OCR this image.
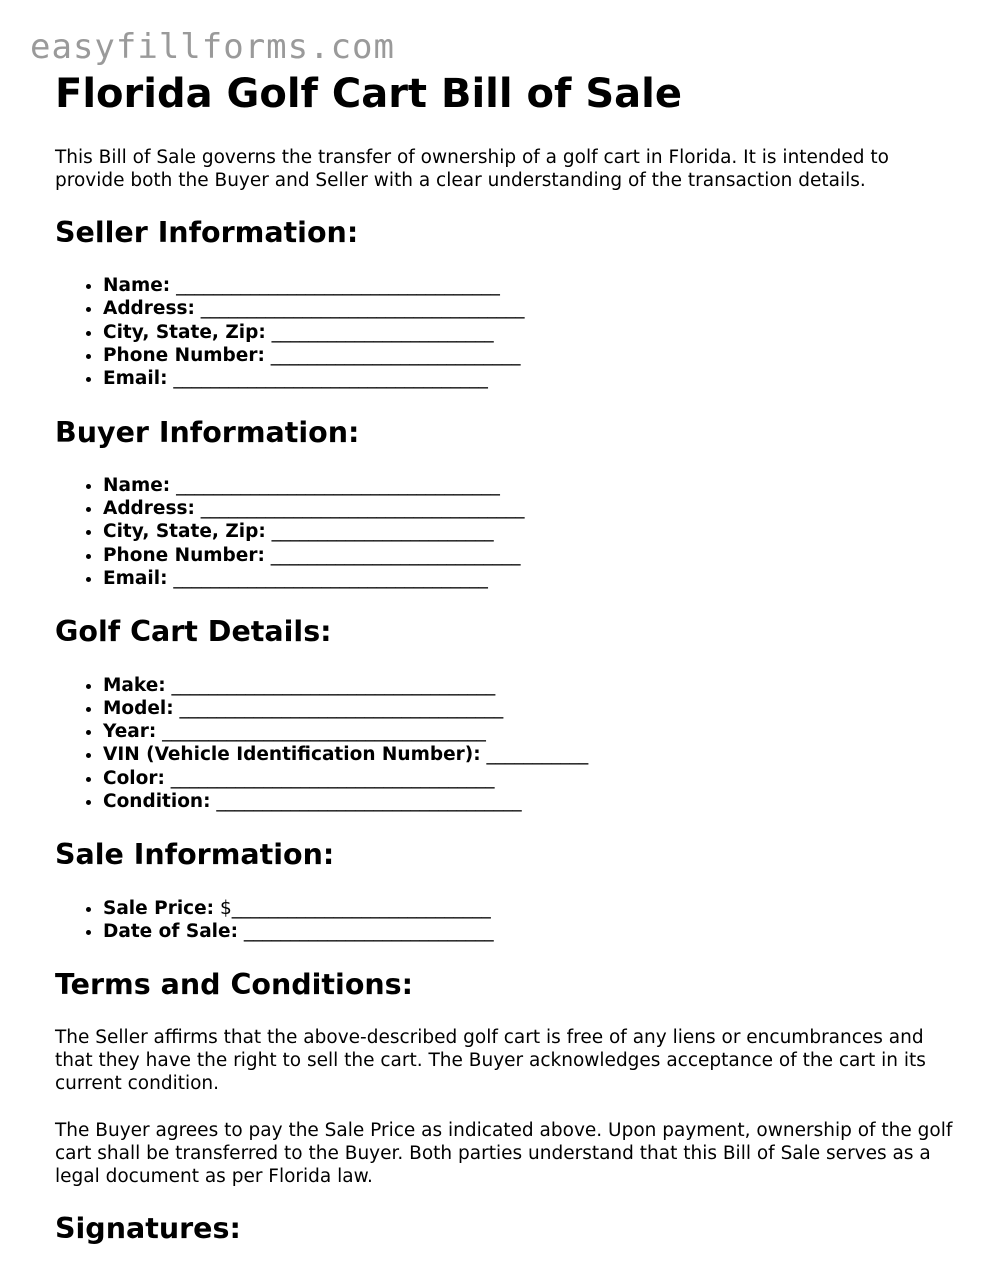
easyfillforms.com
Florida Golf Cart Bill of Sale

This Bill of Sale governs the transfer of ownership of a golf cart in Florida. It is intended to provide both the Buyer and Seller with a clear understanding of the transaction details.

Seller Information:
• Name: ___________________________________
• Address: ___________________________________
• City, State, Zip: ________________________
• Phone Number: ___________________________
• Email: __________________________________
Buyer Information:
• Name: ___________________________________
• Address: ___________________________________
• City, State, Zip: ________________________
• Phone Number: ___________________________
• Email: __________________________________
Golf Cart Details:
• Make: ___________________________________
• Model: ___________________________________
• Year: ___________________________________
• VIN (Vehicle Identification Number): ___________
• Color: ___________________________________
• Condition: _________________________________
Sale Information:
• Sale Price: $____________________________
• Date of Sale: ___________________________
Terms and Conditions:

The Seller affirms that the above-described golf cart is free of any liens or encumbrances and that they have the right to sell the cart. The Buyer acknowledges acceptance of the cart in its current condition.

The Buyer agrees to pay the Sale Price as indicated above. Upon payment, ownership of the golf cart shall be transferred to the Buyer. Both parties understand that this Bill of Sale serves as a legal document as per Florida law.

Signatures:
